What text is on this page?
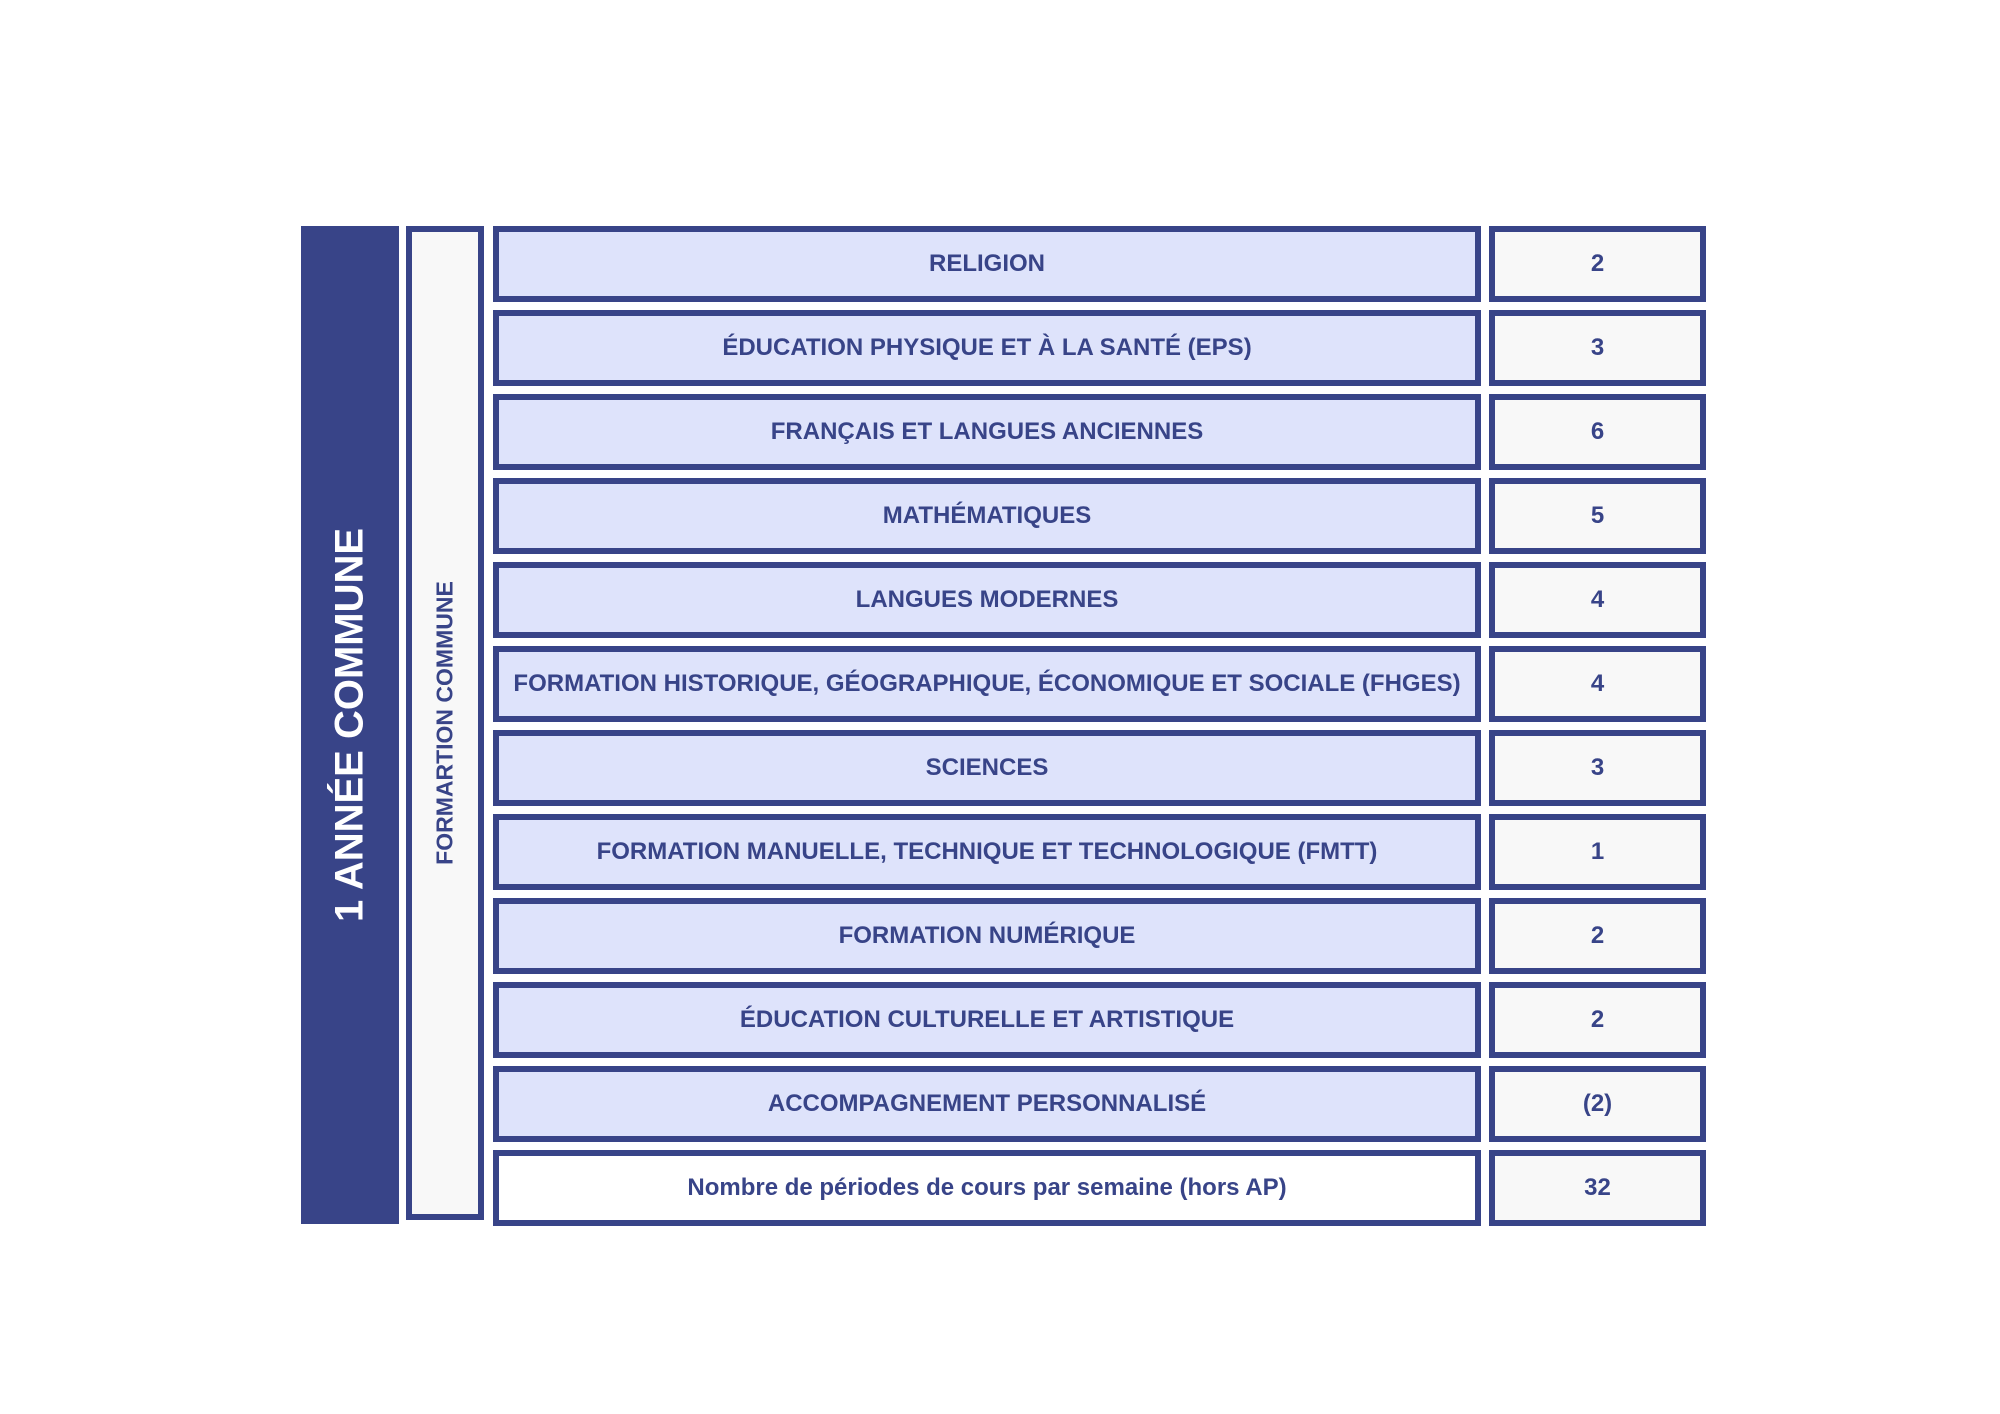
1 ANNÉE COMMUNE	FORMARTION COMMUNE
RELIGION	2
ÉDUCATION PHYSIQUE ET À LA SANTÉ (EPS)	3
FRANÇAIS ET LANGUES ANCIENNES	6
MATHÉMATIQUES	5
LANGUES MODERNES	4
FORMATION HISTORIQUE, GÉOGRAPHIQUE, ÉCONOMIQUE ET SOCIALE (FHGES)	4
SCIENCES	3
FORMATION MANUELLE, TECHNIQUE ET TECHNOLOGIQUE (FMTT)	1
FORMATION NUMÉRIQUE	2
ÉDUCATION CULTURELLE ET ARTISTIQUE	2
ACCOMPAGNEMENT PERSONNALISÉ	(2)
Nombre de périodes de cours par semaine (hors AP)	32
